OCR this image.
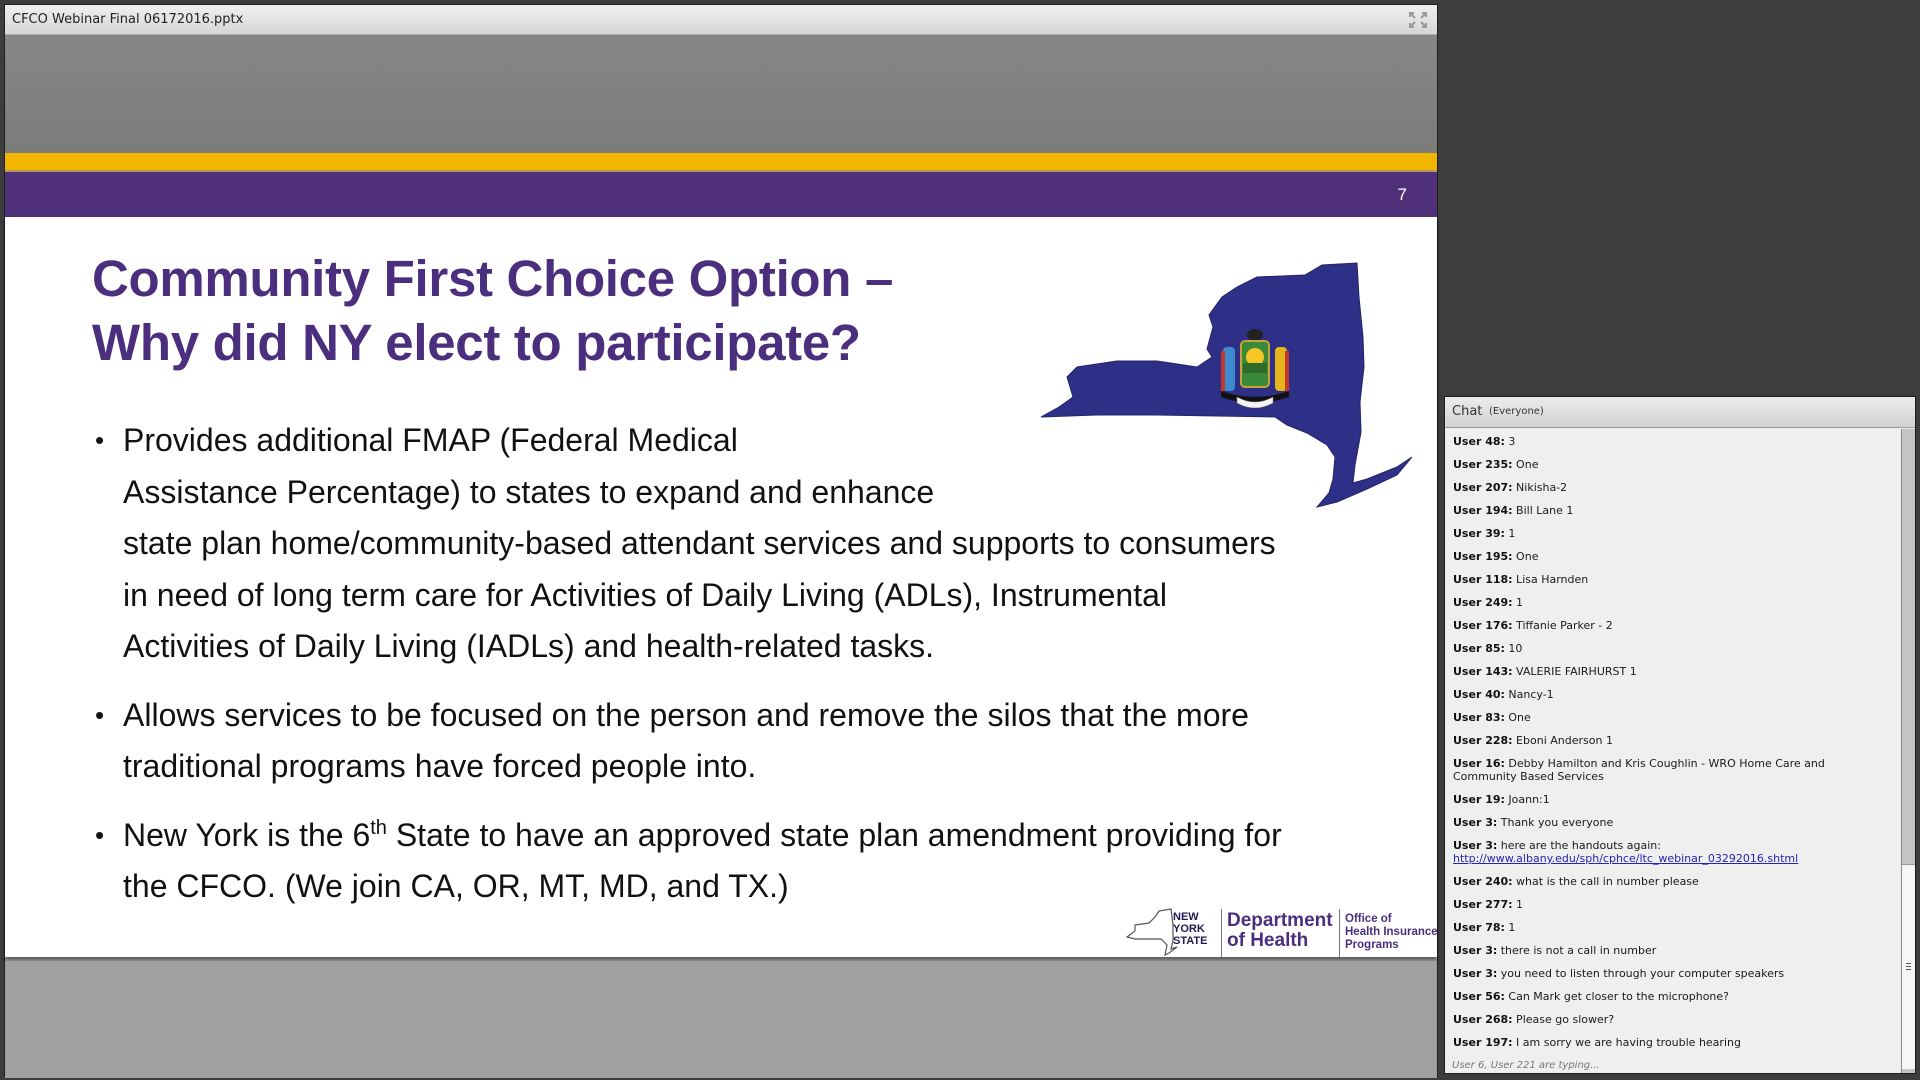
CFCO Webinar Final 06172016.pptx
7
Community First Choice Option –
Why did NY elect to participate?
• Provides additional FMAP (Federal Medical
Assistance Percentage) to states to expand and enhance
state plan home/community-based attendant services and supports to consumers
in need of long term care for Activities of Daily Living (ADLs), Instrumental
Activities of Daily Living (IADLs) and health-related tasks.
• Allows services to be focused on the person and remove the silos that the more
traditional programs have forced people into.
• New York is the 6th State to have an approved state plan amendment providing for
the CFCO. (We join CA, OR, MT, MD, and TX.)
NEW
YORK
STATE
Department
of Health
Office of
Health Insurance
Programs
Chat (Everyone)
User 48: 3
User 235: One
User 207: Nikisha-2
User 194: Bill Lane 1
User 39: 1
User 195: One
User 118: Lisa Harnden
User 249: 1
User 176: Tiffanie Parker - 2
User 85: 10
User 143: VALERIE FAIRHURST 1
User 40: Nancy-1
User 83: One
User 228: Eboni Anderson 1
User 16: Debby Hamilton and Kris Coughlin - WRO Home Care and Community Based Services
User 19: Joann:1
User 3: Thank you everyone
User 3: here are the handouts again:
http://www.albany.edu/sph/cphce/ltc_webinar_03292016.shtml
User 240: what is the call in number please
User 277: 1
User 78: 1
User 3: there is not a call in number
User 3: you need to listen through your computer speakers
User 56: Can Mark get closer to the microphone?
User 268: Please go slower?
User 197: I am sorry we are having trouble hearing
User 6, User 221 are typing...
